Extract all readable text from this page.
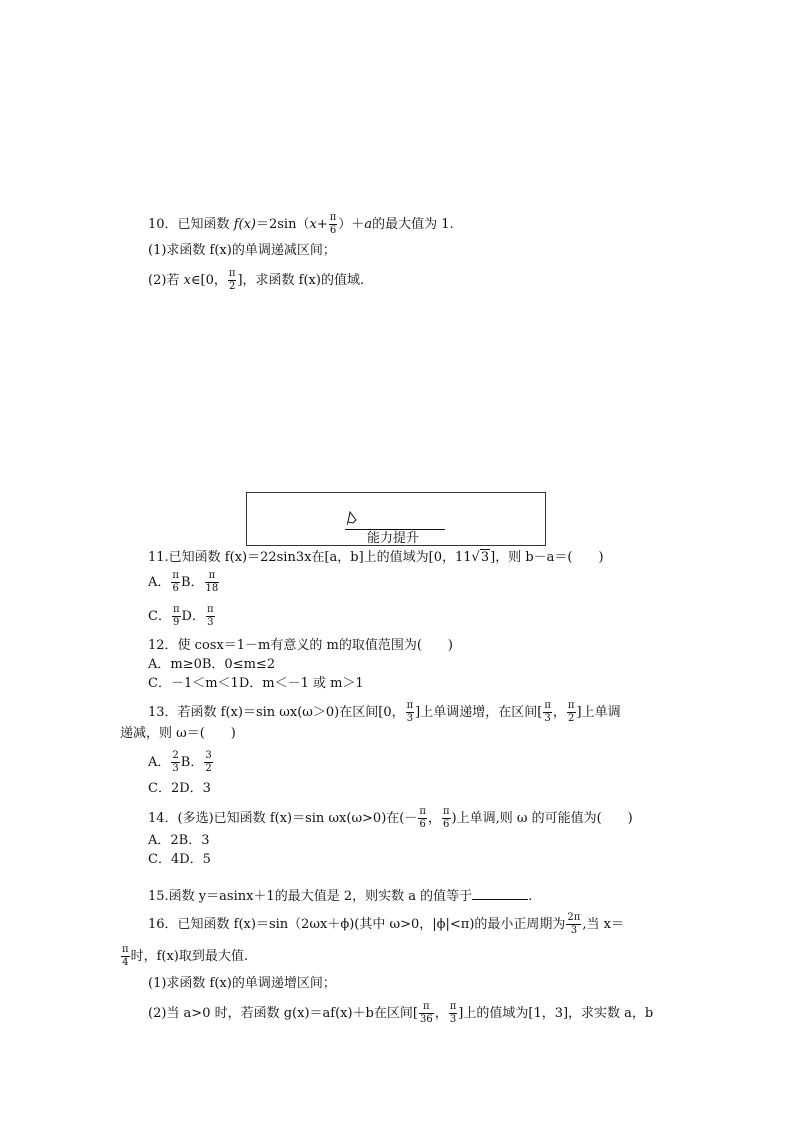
10．已知函数 $f(x)=2\sin(x+ \frac{\pi}{6} )+a$的最大值为 1.
(1)求函数 f(x)的单调递减区间；
(2)若 x∈[0， $\frac{\pi}{2}$ ]，求函数 f(x)的值域.
能力提升
11.已知函数 f(x)＝22sin3x在[a，b]上的值域为[0，11√3]，则 b－a＝(　　)
A． $\frac{\pi}{6}$ B． $\frac{\pi}{18}$
C． $\frac{\pi}{9}$ D． $\frac{\pi}{3}$
12．使 cosx＝1－m有意义的 m的取值范围为(　　)
A．m≥0B．0≤m≤2
C．－1＜m＜1D．m＜－1 或 m＞1
13．若函数 f(x)＝sin ωx(ω＞0)在区间[0， $\frac{\pi}{3}$ ]上单调递增，在区间[ $\frac{\pi}{3}$ ， $\frac{\pi}{2}$ ]上单调
递减，则 ω＝(　　)
A． $\frac{2}{3}$ B． $\frac{3}{2}$
C．2D．3
14．(多选)已知函数 f(x)＝sin ωx(ω>0)在(－ $\frac{\pi}{6}$ ， $\frac{\pi}{6}$ )上单调,则 ω 的可能值为(　　)
A．2B．3
C．4D．5
15.函数 y＝asinx＋1的最大值是 2，则实数 a 的值等于	.
16．已知函数 f(x)＝sin（2ωx＋ϕ)(其中 ω>0，|ϕ|<π)的最小正周期为 $\frac{2\pi}{3}$ ,当 x＝
$\frac{\pi}{4}$ 时，f(x)取到最大值.
(1)求函数 f(x)的单调递增区间；
(2)当 a>0 时，若函数 g(x)＝af(x)＋b在区间[ $\frac{\pi}{36}$ ， $\frac{\pi}{3}$ ]上的值域为[1，3]，求实数 a，b
